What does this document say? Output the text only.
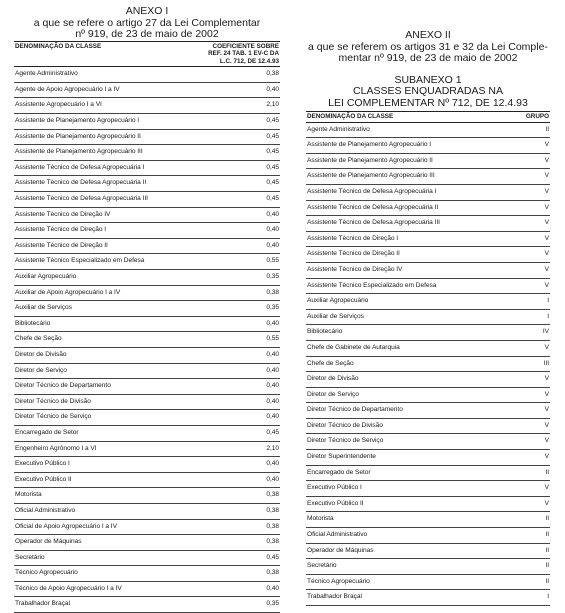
ANEXO I

a que se refere o artigo 27 da Lei Complementar

nº 919, de 23 de maio de 2002

DENOMINAÇÃO DA CLASSE	COEFICIENTE SOBRE
REF. 24 TAB. 1 EV-C DA
L.C. 712, DE 12.4.93
Agente Administrativo	0,38
Agente de Apoio Agropecuário I a IV	0,40
Assistente Agropecuário I a VI	2,10
Assistente de Planejamento Agropecuário I	0,45
Assistente de Planejamento Agropecuário II	0,45
Assistente de Planejamento Agropecuário III	0,45
Assistente Técnico de Defesa Agropecuária I	0,45
Assistente Técnico de Defesa Agropecuária II	0,45
Assistente Técnico de Defesa Agropecuária III	0,45
Assistente Técnico de Direção IV	0,40
Assistente Técnico de Direção I	0,40
Assistente Técnico de Direção II	0,40
Assistente Técnico Especializado em Defesa	0,55
Auxiliar Agropecuário	0,35
Auxiliar de Apoio Agropecuário I a IV	0,38
Auxiliar de Serviços	0,35
Bibliotecário	0,40
Chefe de Seção	0,55
Diretor de Divisão	0,40
Diretor de Serviço	0,40
Diretor Técnico de Departamento	0,40
Diretor Técnico de Divisão	0,40
Diretor Técnico de Serviço	0,40
Encarregado de Setor	0,45
Engenheiro Agrônomo I a VI	2,10
Executivo Público I	0,40
Executivo Público II	0,40
Motorista	0,38
Oficial Administrativo	0,38
Oficial de Apoio Agropecuário I a IV	0,38
Operador de Máquinas	0,38
Secretário	0,45
Técnico Agropecuário	0,38
Técnico de Apoio Agropecuário I a IV	0,40
Trabalhador Braçal	0,35

ANEXO II

a que se referem os artigos 31 e 32 da Lei Comple-

mentar nº 919, de 23 de maio de 2002

SUBANEXO 1

CLASSES ENQUADRADAS NA

LEI COMPLEMENTAR Nº 712, DE 12.4.93

DENOMINAÇÃO DA CLASSE	GRUPO
Agente Administrativo	II
Assistente de Planejamento Agropecuário I	V
Assistente de Planejamento Agropecuário II	V
Assistente de Planejamento Agropecuário III	V
Assistente Técnico de Defesa Agropecuária I	V
Assistente Técnico de Defesa Agropecuária II	V
Assistente Técnico de Defesa Agropecuária III	V
Assistente Técnico de Direção I	V
Assistente Técnico de Direção II	V
Assistente Técnico de Direção IV	V
Assistente Técnico Especializado em Defesa	V
Auxiliar Agropecuário	I
Auxiliar de Serviços	I
Bibliotecário	IV
Chefe de Gabinete de Autarquia	V
Chefe de Seção	III
Diretor de Divisão	V
Diretor de Serviço	V
Diretor Técnico de Departamento	V
Diretor Técnico de Divisão	V
Diretor Técnico de Serviço	V
Diretor Superintendente	V
Encarregado de Setor	II
Executivo Público I	V
Executivo Público II	V
Motorista	II
Oficial Administrativo	II
Operador de Máquinas	II
Secretário	II
Técnico Agropecuário	II
Trabalhador Braçal	I
